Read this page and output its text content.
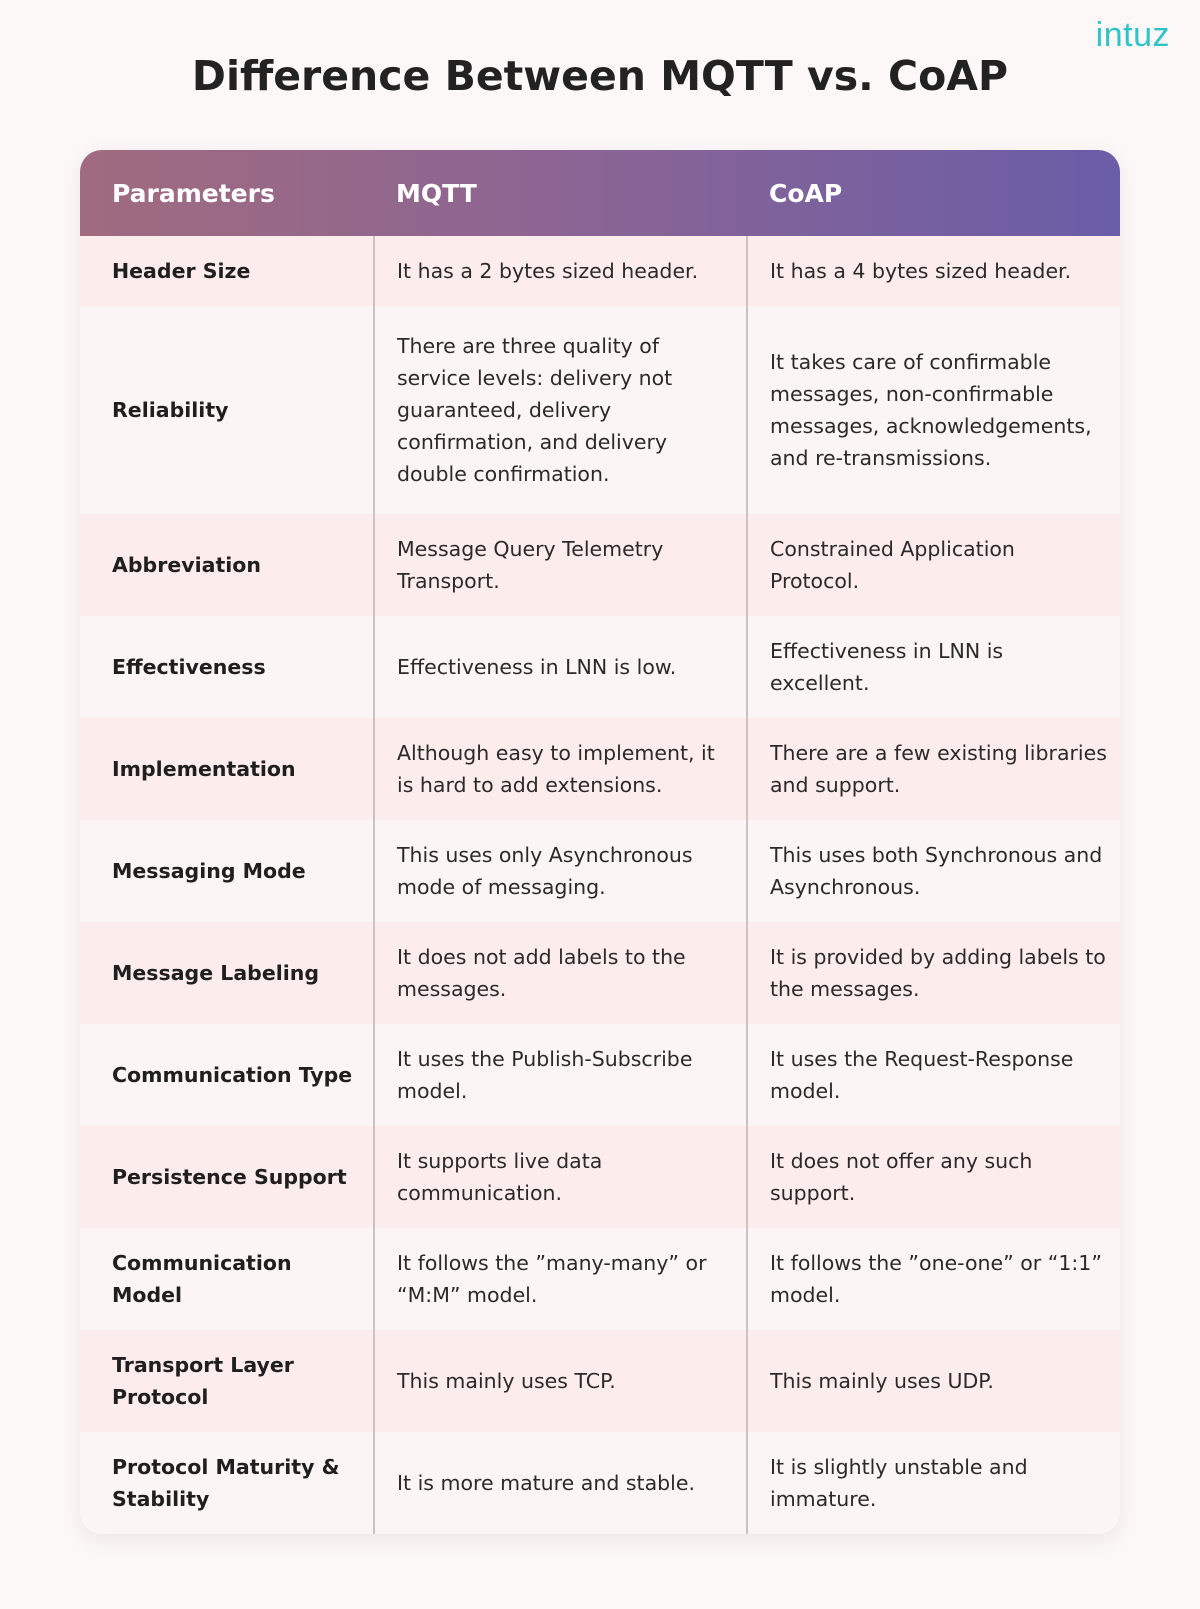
intuz
Difference Between MQTT vs. CoAP
Parameters	MQTT	CoAP
Header Size	It has a 2 bytes sized header.	It has a 4 bytes sized header.
Reliability	There are three quality of service levels: delivery not guaranteed, delivery confirmation, and delivery double confirmation.	It takes care of confirmable messages, non-confirmable messages, acknowledgements, and re-transmissions.
Abbreviation	Message Query Telemetry Transport.	Constrained Application Protocol.
Effectiveness	Effectiveness in LNN is low.	Effectiveness in LNN is excellent.
Implementation	Although easy to implement, it is hard to add extensions.	There are a few existing libraries and support.
Messaging Mode	This uses only Asynchronous mode of messaging.	This uses both Synchronous and Asynchronous.
Message Labeling	It does not add labels to the messages.	It is provided by adding labels to the messages.
Communication Type	It uses the Publish-Subscribe model.	It uses the Request-Response model.
Persistence Support	It supports live data communication.	It does not offer any such support.
Communication Model	It follows the ”many-many” or “M:M” model.	It follows the ”one-one” or “1:1” model.
Transport Layer Protocol	This mainly uses TCP.	This mainly uses UDP.
Protocol Maturity & Stability	It is more mature and stable.	It is slightly unstable and immature.
